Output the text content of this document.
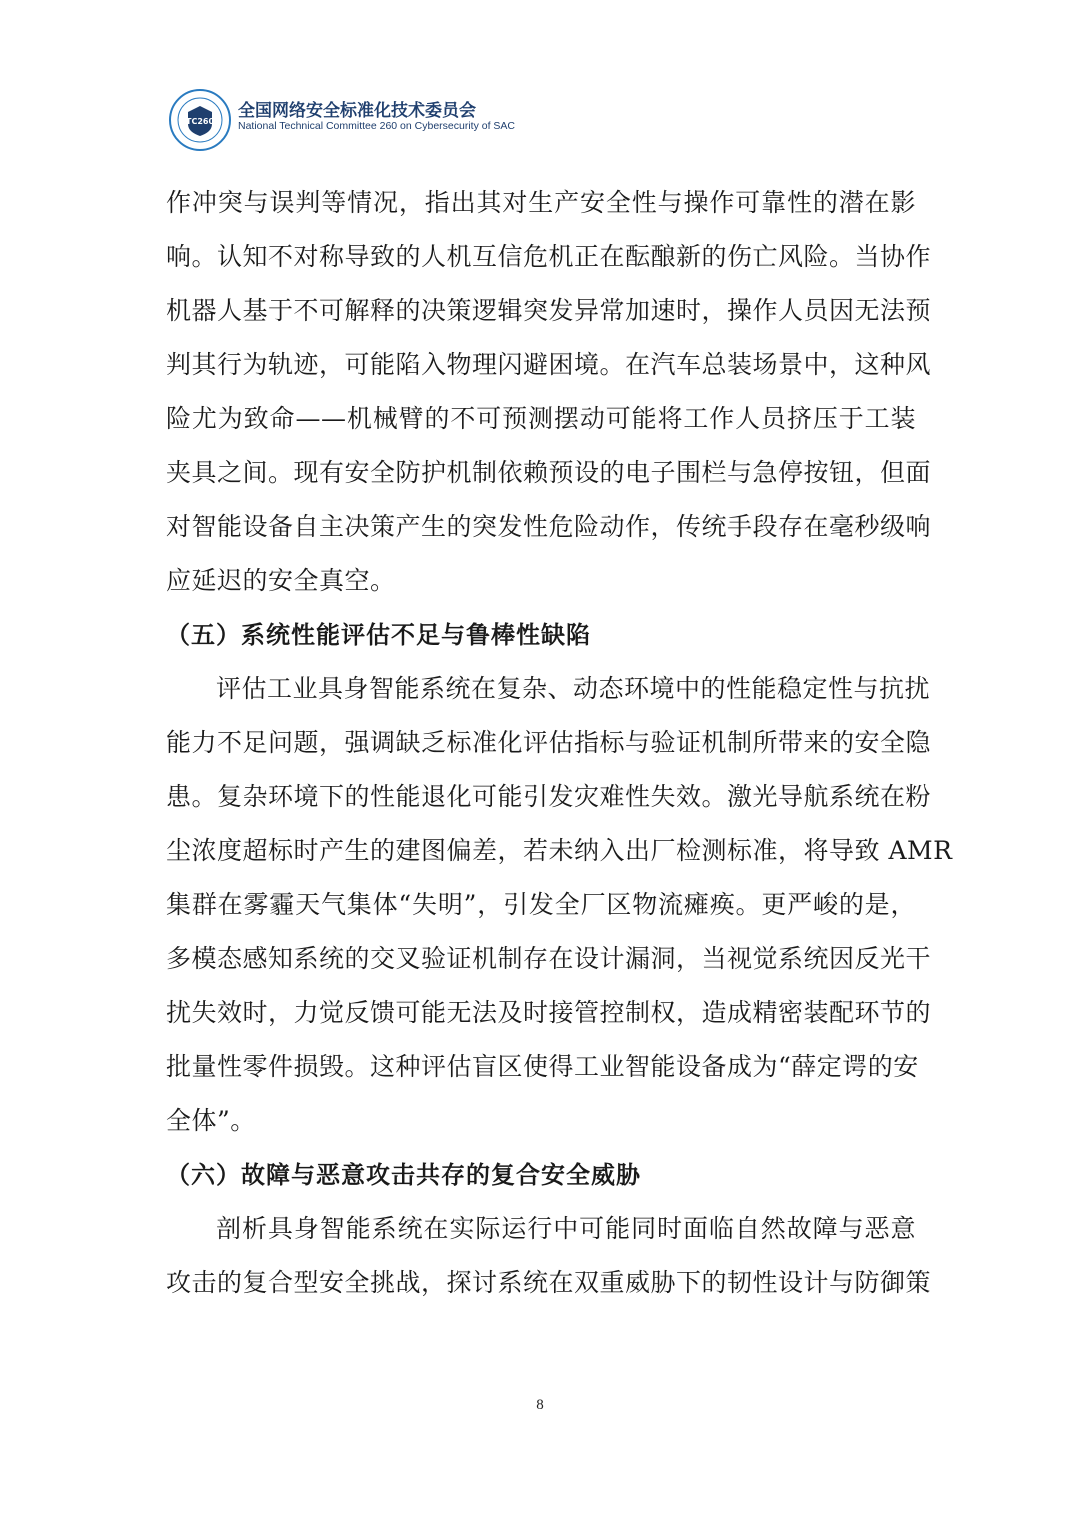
TC260
全国网络安全标准化技术委员会
National Technical Committee 260 on Cybersecurity of SAC
作冲突与误判等情况，指出其对生产安全性与操作可靠性的潜在影
响。认知不对称导致的人机互信危机正在酝酿新的伤亡风险。当协作
机器人基于不可解释的决策逻辑突发异常加速时，操作人员因无法预
判其行为轨迹，可能陷入物理闪避困境。在汽车总装场景中，这种风
险尤为致命——机械臂的不可预测摆动可能将工作人员挤压于工装
夹具之间。现有安全防护机制依赖预设的电子围栏与急停按钮，但面
对智能设备自主决策产生的突发性危险动作，传统手段存在毫秒级响
应延迟的安全真空。
（五）系统性能评估不足与鲁棒性缺陷
评估工业具身智能系统在复杂、动态环境中的性能稳定性与抗扰
能力不足问题，强调缺乏标准化评估指标与验证机制所带来的安全隐
患。复杂环境下的性能退化可能引发灾难性失效。激光导航系统在粉
尘浓度超标时产生的建图偏差，若未纳入出厂检测标准，将导致 AMR
集群在雾霾天气集体“失明”，引发全厂区物流瘫痪。更严峻的是，
多模态感知系统的交叉验证机制存在设计漏洞，当视觉系统因反光干
扰失效时，力觉反馈可能无法及时接管控制权，造成精密装配环节的
批量性零件损毁。这种评估盲区使得工业智能设备成为“薛定谔的安
全体”。
（六）故障与恶意攻击共存的复合安全威胁
剖析具身智能系统在实际运行中可能同时面临自然故障与恶意
攻击的复合型安全挑战，探讨系统在双重威胁下的韧性设计与防御策
8
